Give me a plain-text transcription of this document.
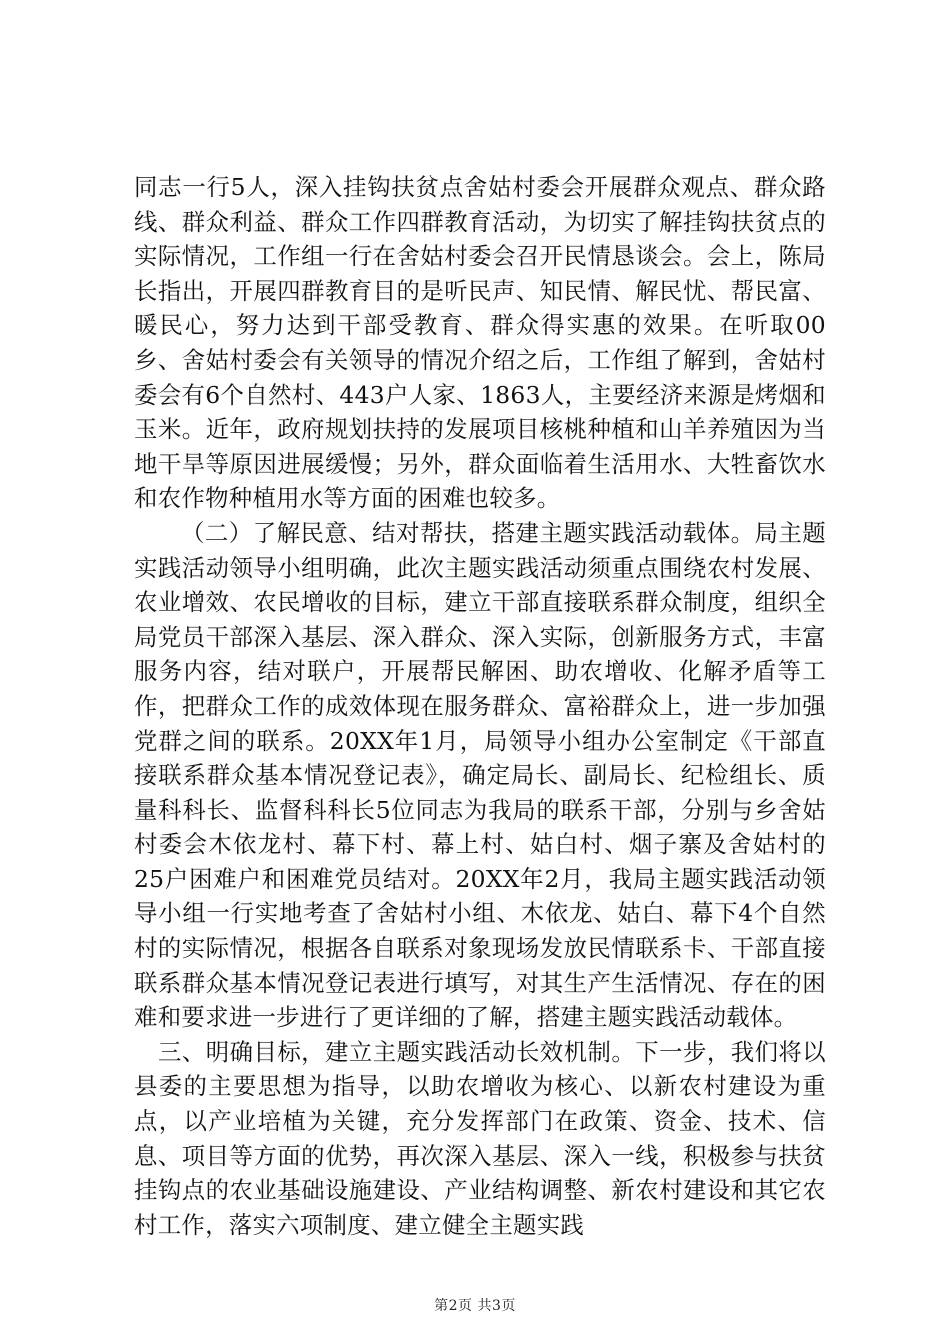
同志一行5人，深入挂钩扶贫点舍姑村委会开展群众观点、群众路线、群众利益、群众工作四群教育活动，为切实了解挂钩扶贫点的实际情况，工作组一行在舍姑村委会召开民情恳谈会。会上，陈局长指出，开展四群教育目的是听民声、知民情、解民忧、帮民富、暖民心，努力达到干部受教育、群众得实惠的效果。在听取00乡、舍姑村委会有关领导的情况介绍之后，工作组了解到，舍姑村委会有6个自然村、443户人家、1863人，主要经济来源是烤烟和玉米。近年，政府规划扶持的发展项目核桃种植和山羊养殖因为当地干旱等原因进展缓慢；另外，群众面临着生活用水、大牲畜饮水和农作物种植用水等方面的困难也较多。

（二）了解民意、结对帮扶，搭建主题实践活动载体。局主题实践活动领导小组明确，此次主题实践活动须重点围绕农村发展、农业增效、农民增收的目标，建立干部直接联系群众制度，组织全局党员干部深入基层、深入群众、深入实际，创新服务方式，丰富服务内容，结对联户，开展帮民解困、助农增收、化解矛盾等工作，把群众工作的成效体现在服务群众、富裕群众上，进一步加强党群之间的联系。20XX年1月，局领导小组办公室制定《干部直接联系群众基本情况登记表》，确定局长、副局长、纪检组长、质量科科长、监督科科长5位同志为我局的联系干部，分别与乡舍姑村委会木依龙村、幕下村、幕上村、姑白村、烟子寨及舍姑村的25户困难户和困难党员结对。20XX年2月，我局主题实践活动领导小组一行实地考查了舍姑村小组、木依龙、姑白、幕下4个自然村的实际情况，根据各自联系对象现场发放民情联系卡、干部直接联系群众基本情况登记表进行填写，对其生产生活情况、存在的困难和要求进一步进行了更详细的了解，搭建主题实践活动载体。

三、明确目标，建立主题实践活动长效机制。下一步，我们将以县委的主要思想为指导，以助农增收为核心、以新农村建设为重点，以产业培植为关键，充分发挥部门在政策、资金、技术、信息、项目等方面的优势，再次深入基层、深入一线，积极参与扶贫挂钩点的农业基础设施建设、产业结构调整、新农村建设和其它农村工作，落实六项制度、建立健全主题实践

第2页 共3页
